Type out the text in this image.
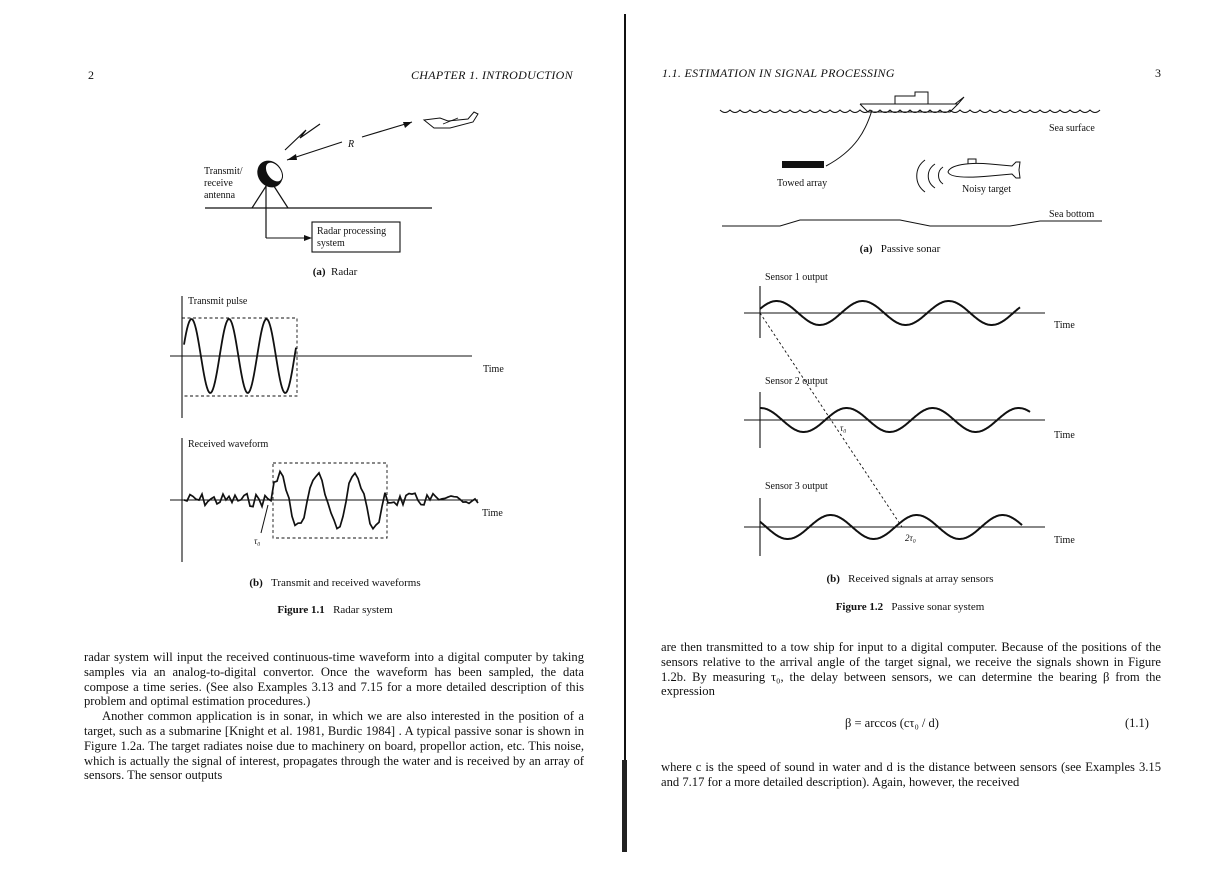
2	CHAPTER 1. INTRODUCTION
R
Transmit/
receive
antenna
Radar processing
system
(a) Radar
Transmit pulse
Time
Received waveform
Time
τ₀
(b) Transmit and received waveforms
Figure 1.1 Radar system

radar system will input the received continuous-time waveform into a digital computer by taking samples via an analog-to-digital convertor. Once the waveform has been sampled, the data compose a time series. (See also Examples 3.13 and 7.15 for a more detailed description of this problem and optimal estimation procedures.)

Another common application is in sonar, in which we are also interested in the position of a target, such as a submarine [Knight et al. 1981, Burdic 1984] . A typical passive sonar is shown in Figure 1.2a. The target radiates noise due to machinery on board, propellor action, etc. This noise, which is actually the signal of interest, propagates through the water and is received by an array of sensors. The sensor outputs

1.1. ESTIMATION IN SIGNAL PROCESSING	3
Sea surface
Sea bottom
Towed array
Noisy target
(a) Passive sonar
Sensor 1 output
Sensor 2 output
Sensor 3 output
Time
Time
Time
τ₀
2τ₀
(b) Received signals at array sensors
Figure 1.2 Passive sonar system
are then transmitted to a tow ship for input to a digital computer. Because of the positions of the sensors relative to the arrival angle of the target signal, we receive the signals shown in Figure 1.2b. By measuring τ₀, the delay between sensors, we can determine the bearing β from the expression
β = arccos (cτ₀ / d)	(1.1)
where c is the speed of sound in water and d is the distance between sensors (see Examples 3.15 and 7.17 for a more detailed description). Again, however, the received
